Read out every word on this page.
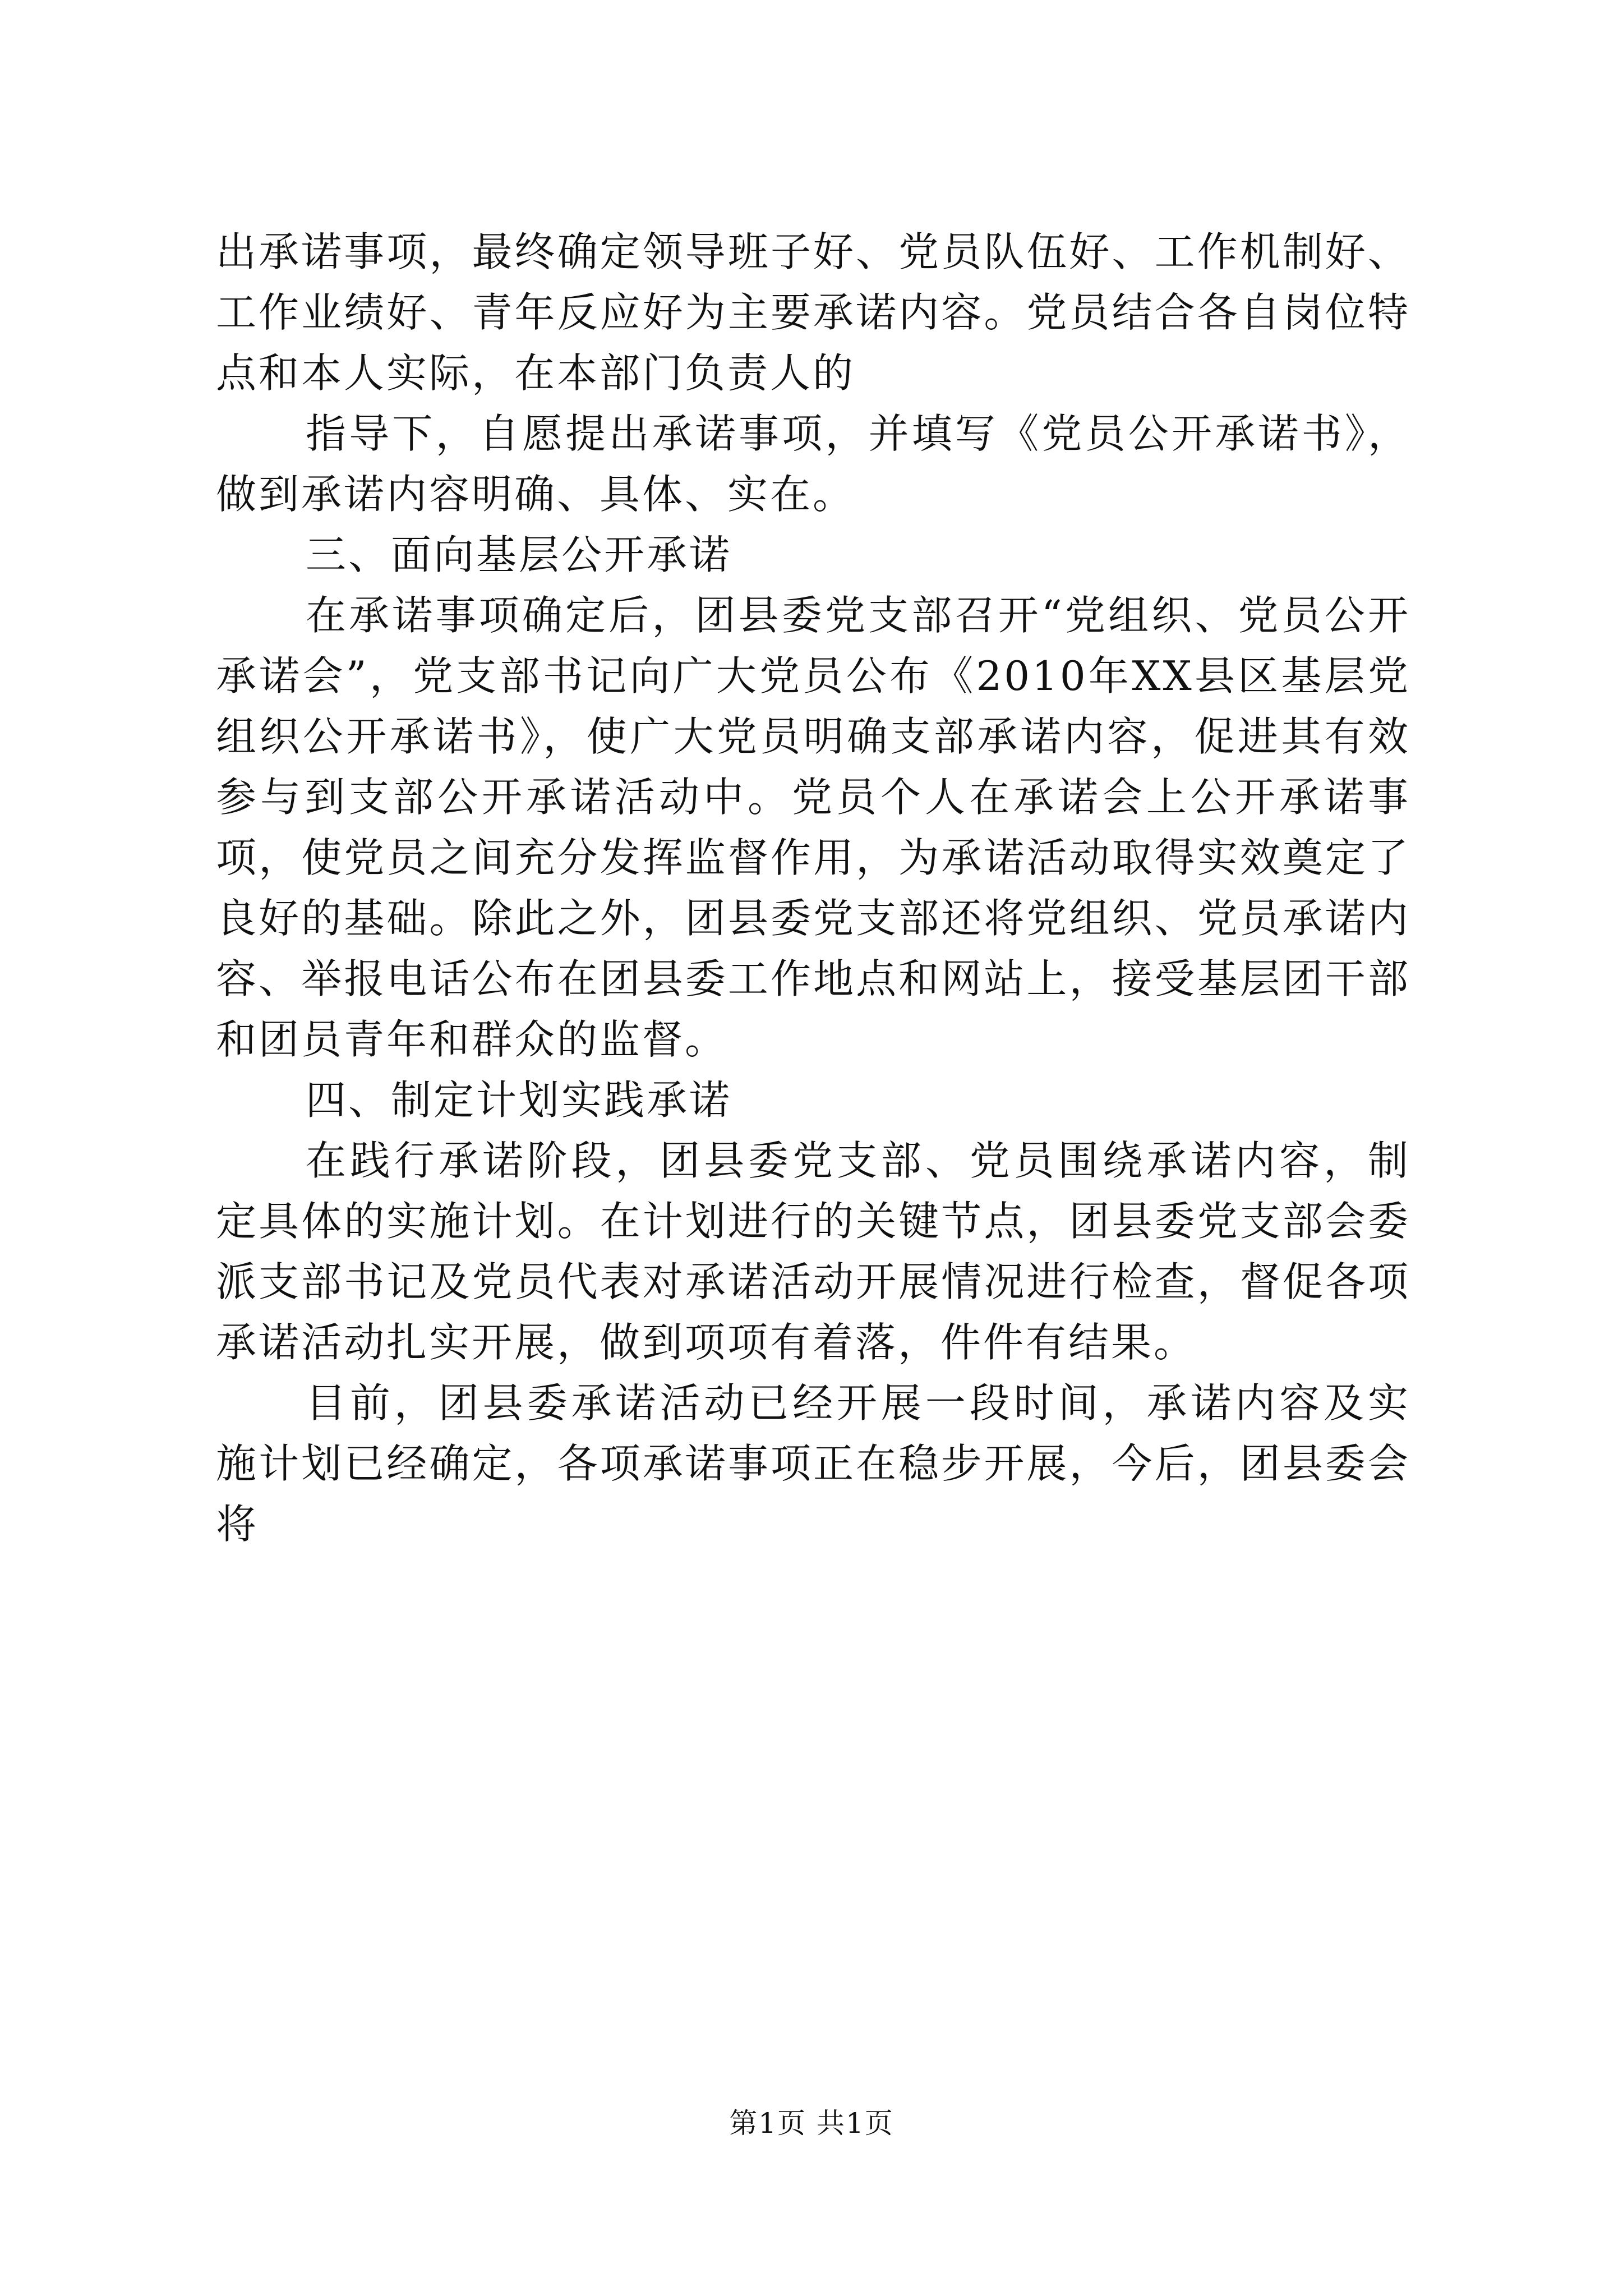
出承诺事项，最终确定领导班子好、党员队伍好、工作机制好、工作业绩好、青年反应好为主要承诺内容。党员结合各自岗位特点和本人实际，在本部门负责人的

指导下，自愿提出承诺事项，并填写《党员公开承诺书》，做到承诺内容明确、具体、实在。

三、面向基层公开承诺

在承诺事项确定后，团县委党支部召开“党组织、党员公开承诺会”，党支部书记向广大党员公布《2010年XX县区基层党组织公开承诺书》，使广大党员明确支部承诺内容，促进其有效参与到支部公开承诺活动中。党员个人在承诺会上公开承诺事项，使党员之间充分发挥监督作用，为承诺活动取得实效奠定了良好的基础。除此之外，团县委党支部还将党组织、党员承诺内容、举报电话公布在团县委工作地点和网站上，接受基层团干部和团员青年和群众的监督。

四、制定计划实践承诺

在践行承诺阶段，团县委党支部、党员围绕承诺内容，制定具体的实施计划。在计划进行的关键节点，团县委党支部会委派支部书记及党员代表对承诺活动开展情况进行检查，督促各项承诺活动扎实开展，做到项项有着落，件件有结果。

目前，团县委承诺活动已经开展一段时间，承诺内容及实施计划已经确定，各项承诺事项正在稳步开展，今后，团县委会将

第1页 共1页
